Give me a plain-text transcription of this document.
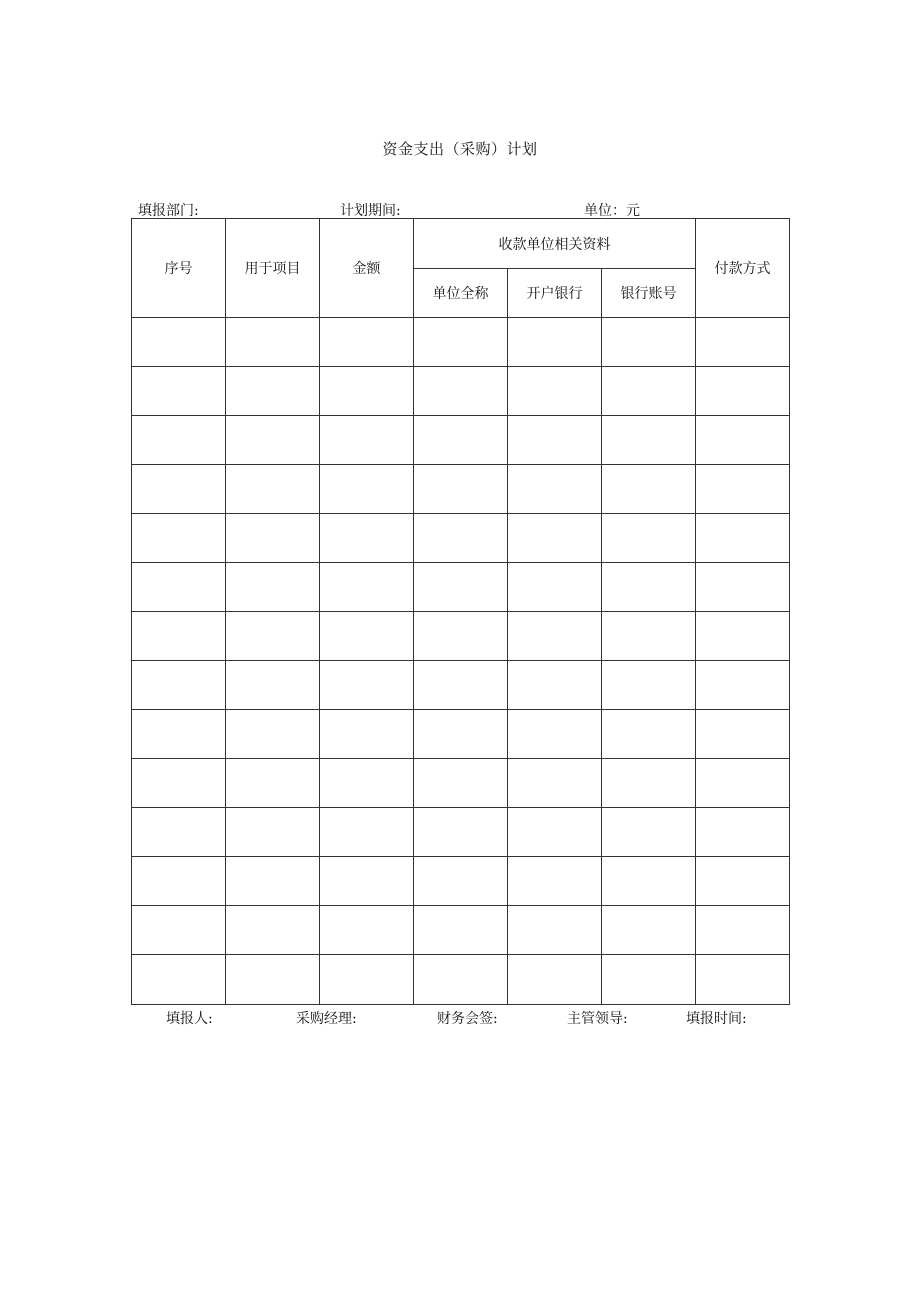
资金支出（采购）计划
填报部门:	计划期间:	单位：元
序号	用于项目	金额	收款单位相关资料			付款方式
			单位全称	开户银行	银行账号	

填报人:	采购经理:	财务会签:	主管领导:	填报时间:
